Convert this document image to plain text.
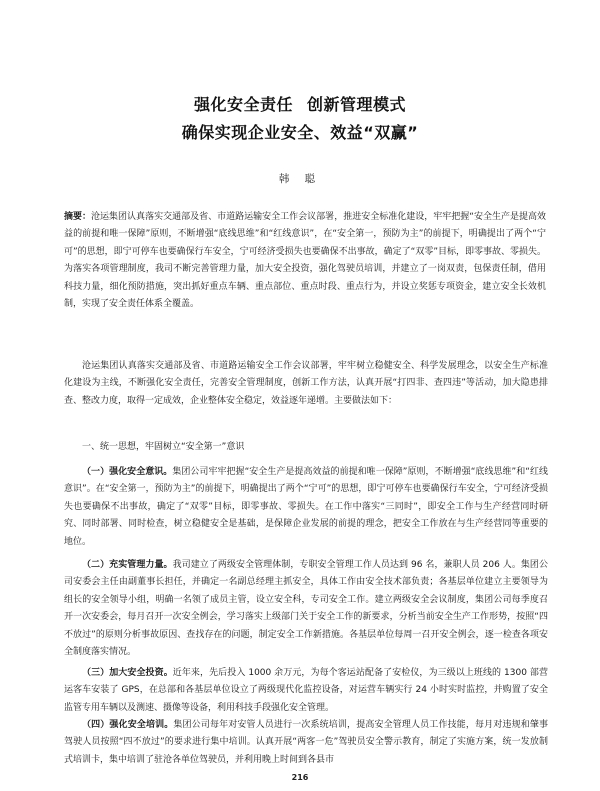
强化安全责任 创新管理模式
确保实现企业安全、效益“双赢”
韩 聪
摘要：沧运集团认真落实交通部及省、市道路运输安全工作会议部署，推进安全标准化建设，牢牢把握“安全生产是提高效益的前提和唯一保障”原则，不断增强“底线思维”和“红线意识”，在“安全第一，预防为主”的前提下，明确提出了两个“宁可”的思想，即宁可停车也要确保行车安全，宁可经济受损失也要确保不出事故，确定了“双零”目标，即零事故、零损失。为落实各项管理制度，我司不断完善管理力量，加大安全投资，强化驾驶员培训，并建立了一岗双责，包保责任制，借用科技力量，细化预防措施，突出抓好重点车辆、重点部位、重点时段、重点行为，并设立奖惩专项资金，建立安全长效机制，实现了安全责任体系全覆盖。
沧运集团认真落实交通部及省、市道路运输安全工作会议部署，牢牢树立稳健安全、科学发展理念，以安全生产标准化建设为主线，不断强化安全责任，完善安全管理制度，创新工作方法，认真开展“打四非、查四违”等活动，加大隐患排查、整改力度，取得一定成效，企业整体安全稳定，效益逐年递增。主要做法如下：
一、统一思想，牢固树立“安全第一”意识
（一）强化安全意识。集团公司牢牢把握“安全生产是提高效益的前提和唯一保障”原则，不断增强“底线思维”和“红线意识”。在“安全第一，预防为主”的前提下，明确提出了两个“宁可”的思想，即宁可停车也要确保行车安全，宁可经济受损失也要确保不出事故，确定了“双零”目标，即零事故、零损失。在工作中落实“三同时”，即安全工作与生产经营同时研究、同时部署、同时检查，树立稳健安全是基础，是保障企业发展的前提的理念，把安全工作放在与生产经营同等重要的地位。
（二）充实管理力量。我司建立了两级安全管理体制，专职安全管理工作人员达到 96 名，兼职人员 206 人。集团公司安委会主任由副董事长担任，并确定一名副总经理主抓安全，具体工作由安全技术部负责；各基层单位建立主要领导为组长的安全领导小组，明确一名领了成员主管，设立安全科，专司安全工作。建立两级安全会议制度，集团公司每季度召开一次安委会，每月召开一次安全例会，学习落实上级部门关于安全工作的新要求，分析当前安全生产工作形势，按照“四不放过”的原则分析事故原因、查找存在的问题，制定安全工作新措施。各基层单位每周一召开安全例会，逐一检查各项安全制度落实情况。
（三）加大安全投资。近年来，先后投入 1000 余万元，为每个客运站配备了安检仪，为三级以上班线的 1300 部营运客车安装了 GPS，在总部和各基层单位设立了两级现代化监控设备，对运营车辆实行 24 小时实时监控，并购置了安全监管专用车辆以及测速、摄像等设备，利用科技手段强化安全管理。
（四）强化安全培训。集团公司每年对安管人员进行一次系统培训，提高安全管理人员工作技能，每月对违规和肇事驾驶人员按照“四不放过”的要求进行集中培训。认真开展“两客一危”驾驶员安全警示教育，制定了实施方案，统一发放制式培训卡，集中培训了驻沧各单位驾驶员，并利用晚上时间到各县市
216
